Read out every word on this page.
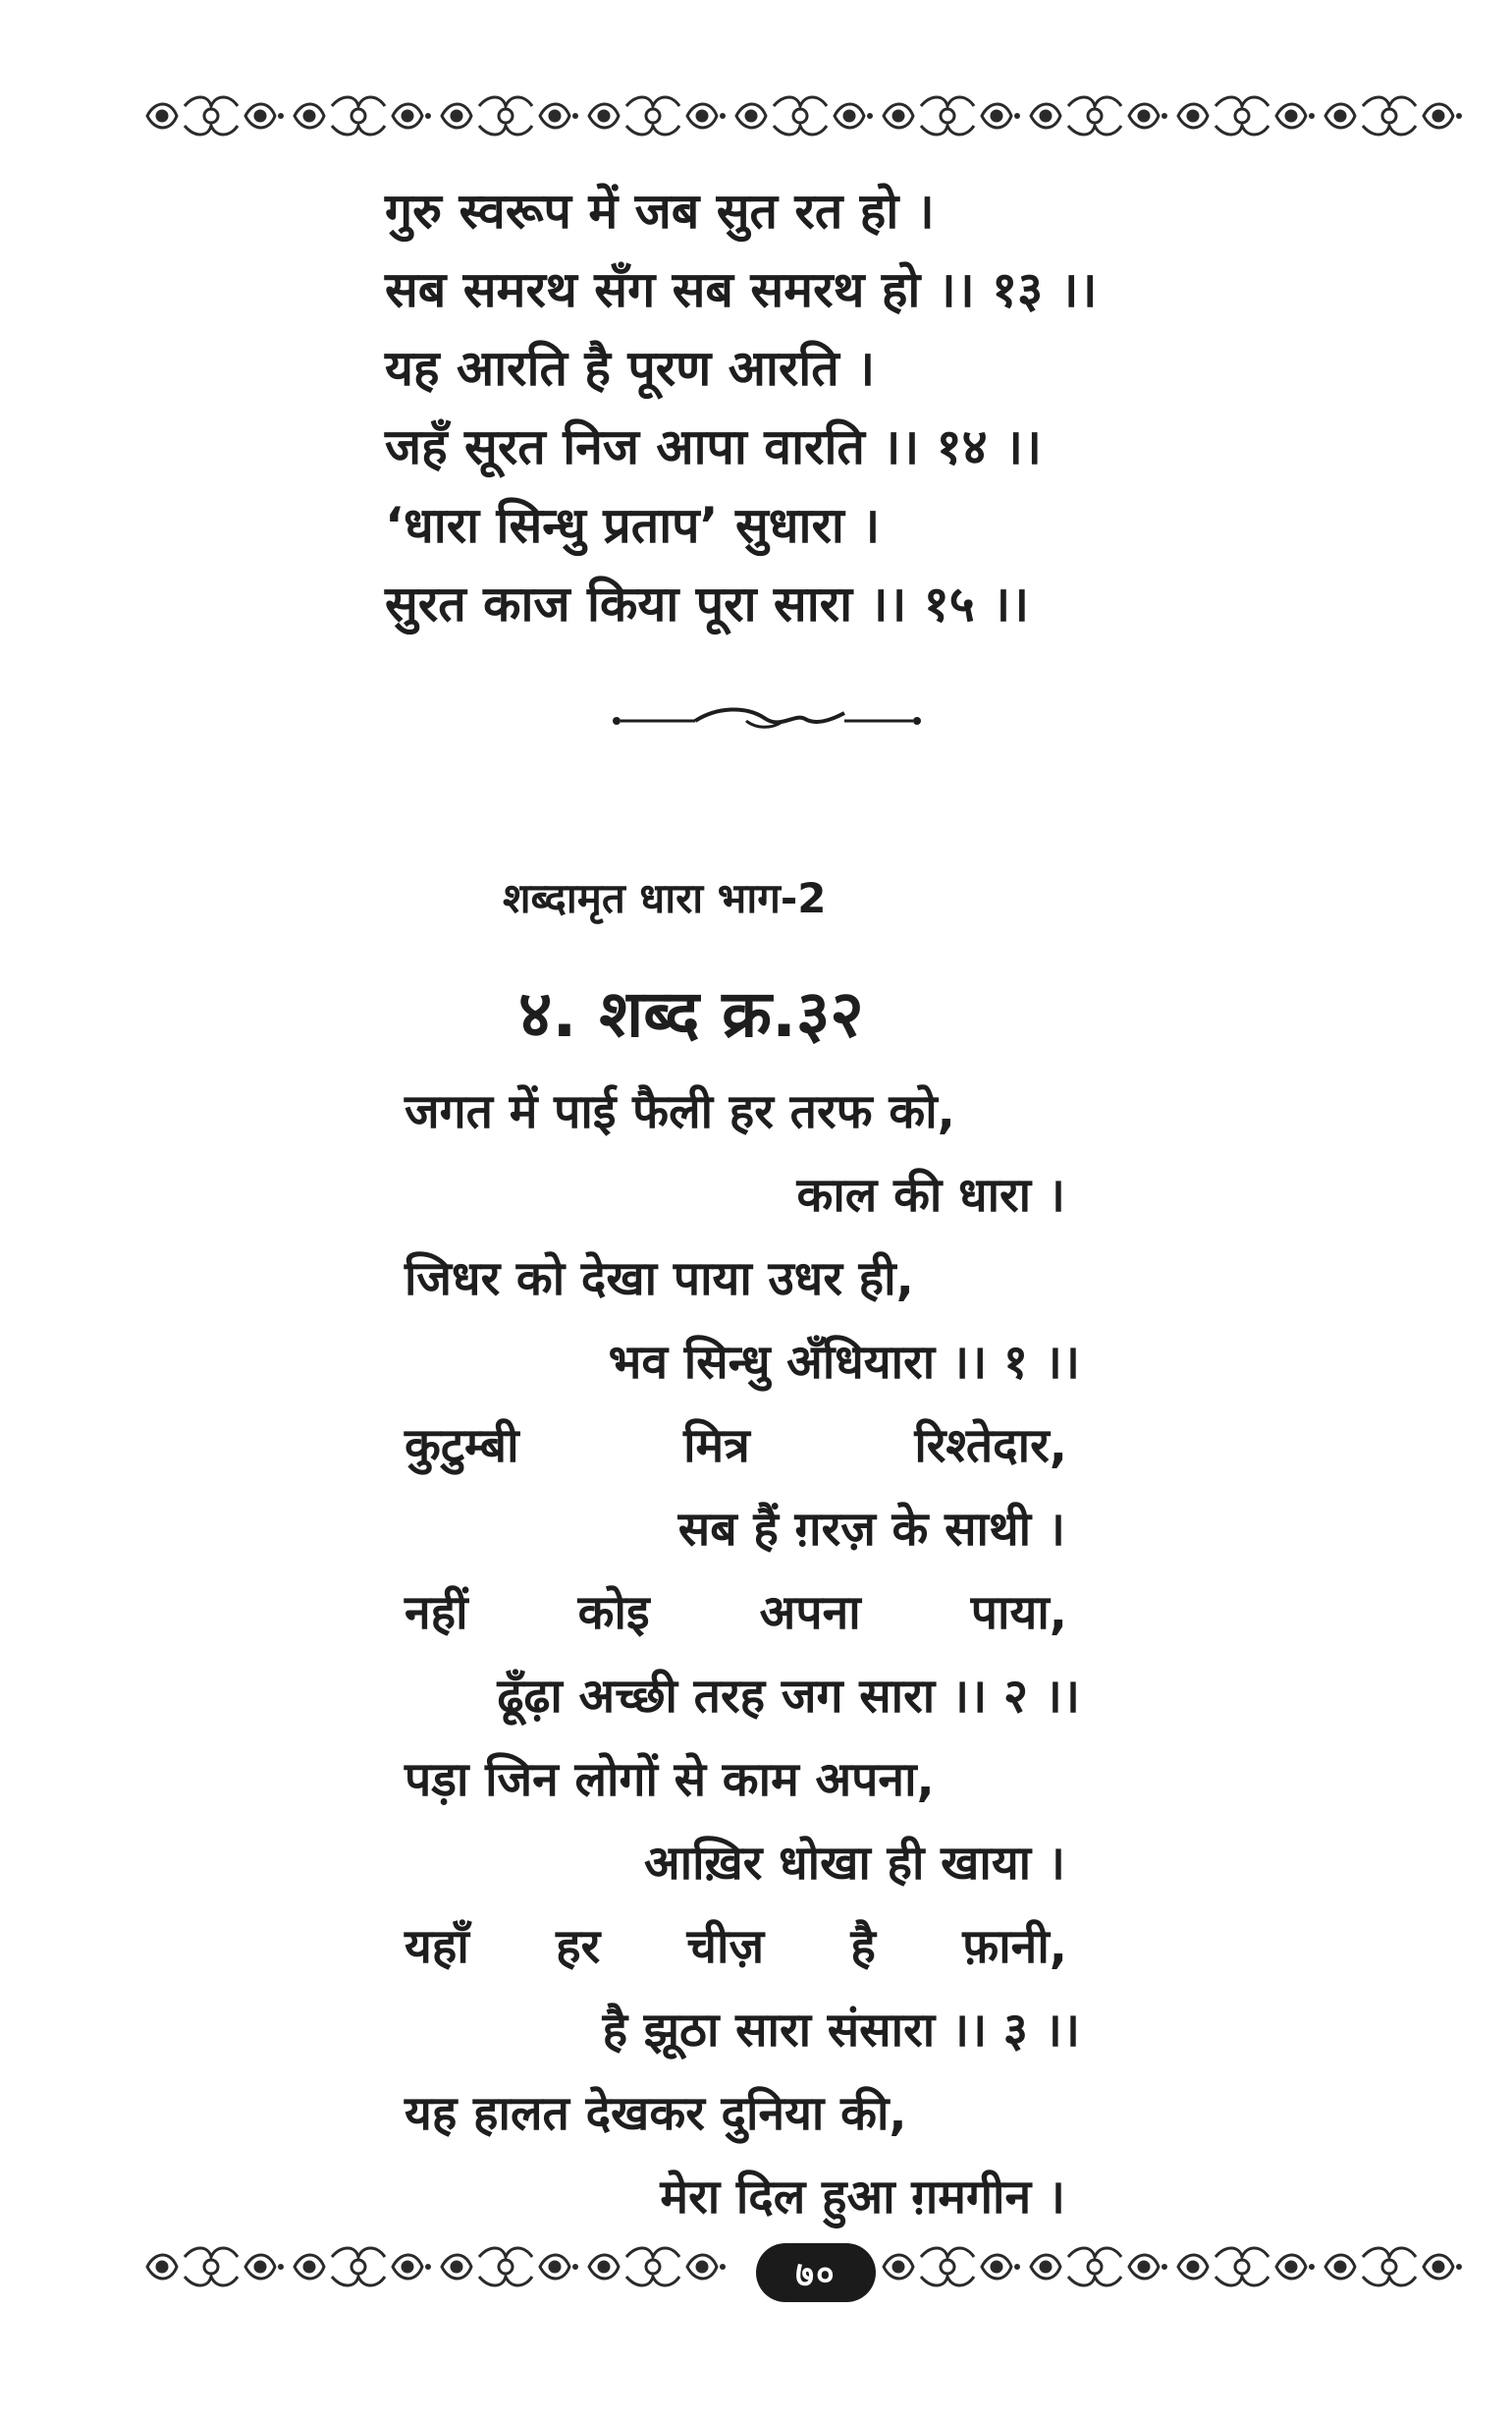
गुरु स्वरूप में जब सुत रत हो ।
सब समरथ सँग सब समरथ हो ।। १३ ।।
यह आरति है पूरण आरति ।
जहँ सूरत निज आपा वारति ।। १४ ।।
‘धारा सिन्धु प्रताप’ सुधारा ।
सुरत काज किया पूरा सारा ।। १५ ।।
शब्दामृत धारा भाग-2
४. शब्द क्र.३२
जगत में पाई फैली हर तरफ को,
काल की धारा ।
जिधर को देखा पाया उधर ही,
भव सिन्धु अँधियारा ।। १ ।।
कुटुम्बी	मित्र	रिश्तेदार,
सब हैं ग़रज़ के साथी ।
नहीं कोइ अपना पाया,
ढूँढ़ा अच्छी तरह जग सारा ।। २ ।।
पड़ा जिन लोगों से काम अपना,
आख़िर धोखा ही खाया ।
यहाँ हर चीज़ है फ़ानी,
है झूठा सारा संसारा ।। ३ ।।
यह हालत देखकर दुनिया की,
मेरा दिल हुआ ग़मगीन ।
७०
